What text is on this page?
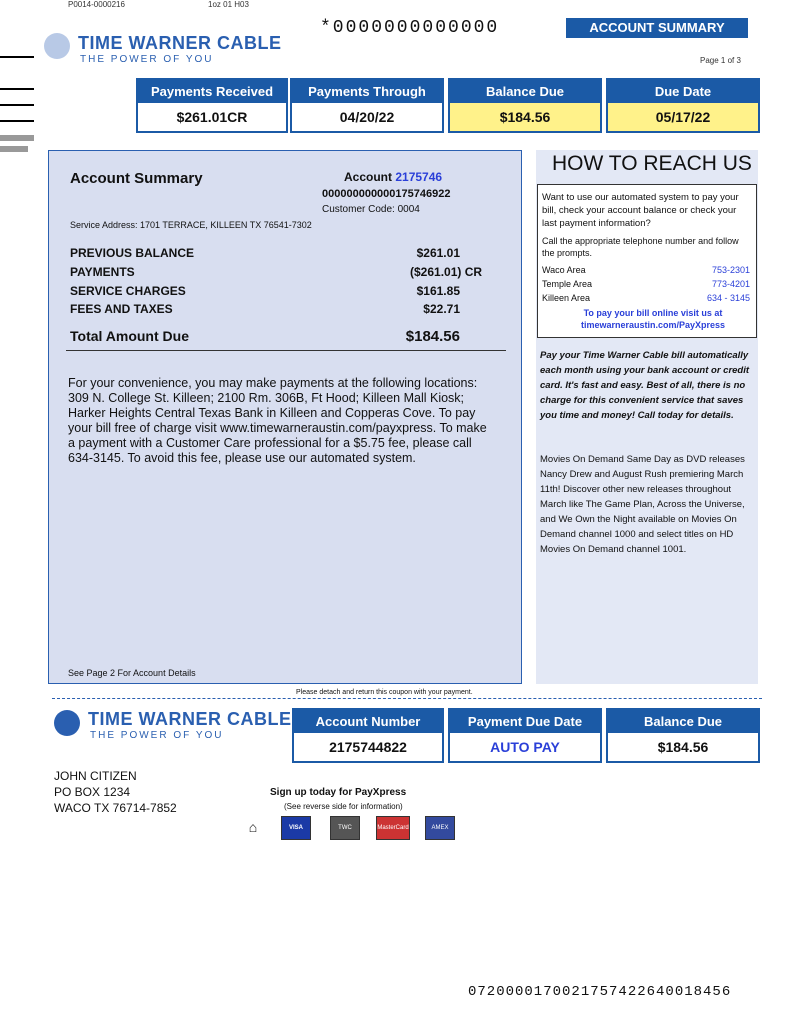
P0014-0000216	1oz 01 H03
*0000000000000	ACCOUNT SUMMARY
Page 1 of 3
TIME WARNER CABLE
THE POWER OF YOU
Payments Received
$261.01CR
Payments Through
04/20/22
Balance Due
$184.56
Due Date
05/17/22
Account Summary	Account 2175746
000000000000175746922
Customer Code: 0004
Service Address: 1701 TERRACE, KILLEEN TX 76541-7302
PREVIOUS BALANCE	$261.01
PAYMENTS	($261.01) CR
SERVICE CHARGES	$161.85
FEES AND TAXES	$22.71
Total Amount Due	$184.56
For your convenience, you may make payments at the following locations: 309 N. College St. Killeen; 2100 Rm. 306B, Ft Hood; Killeen Mall Kiosk; Harker Heights Central Texas Bank in Killeen and Copperas Cove. To pay your bill free of charge visit www.timewarneraustin.com/payxpress. To make a payment with a Customer Care professional for a $5.75 fee, please call 634-3145. To avoid this fee, please use our automated system.
See Page 2 For Account Details
HOW TO REACH US
Want to use our automated system to pay your bill, check your account balance or check your last payment information?
Call the appropriate telephone number and follow the prompts.
Waco Area	753-2301
Temple Area	773-4201
Killeen Area	634 - 3145
To pay your bill online visit us at timewarneraustin.com/PayXpress
Pay your Time Warner Cable bill automatically each month using your bank account or credit card. It's fast and easy. Best of all, there is no charge for this convenient service that saves you time and money! Call today for details.
Movies On Demand Same Day as DVD releases Nancy Drew and August Rush premiering March 11th! Discover other new releases throughout March like The Game Plan, Across the Universe, and We Own the Night available on Movies On Demand channel 1000 and select titles on HD Movies On Demand channel 1001.
Please detach and return this coupon with your payment.
TIME WARNER CABLE
THE POWER OF YOU
Account Number
2175744822
Payment Due Date
AUTO PAY
Balance Due
$184.56
JOHN CITIZEN
PO BOX 1234
WACO TX 76714-7852
Sign up today for PayXpress
(See reverse side for information)
⌂	VISA	TWC	MasterCard	AMEX
0720000170021757422640018456
